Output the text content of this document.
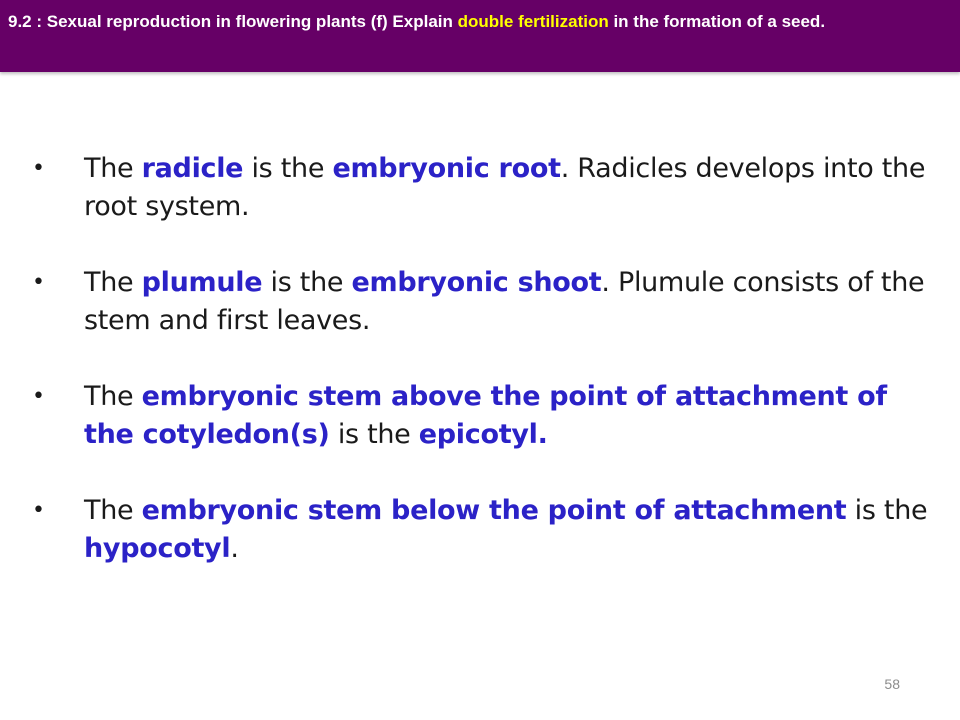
9.2 : Sexual reproduction in flowering plants (f) Explain double fertilization in the formation of a seed.

• The radicle is the embryonic root. Radicles develops into the root system.
• The plumule is the embryonic shoot. Plumule consists of the stem and first leaves.
• The embryonic stem above the point of attachment of the cotyledon(s) is the epicotyl.
• The embryonic stem below the point of attachment is the hypocotyl.
58
